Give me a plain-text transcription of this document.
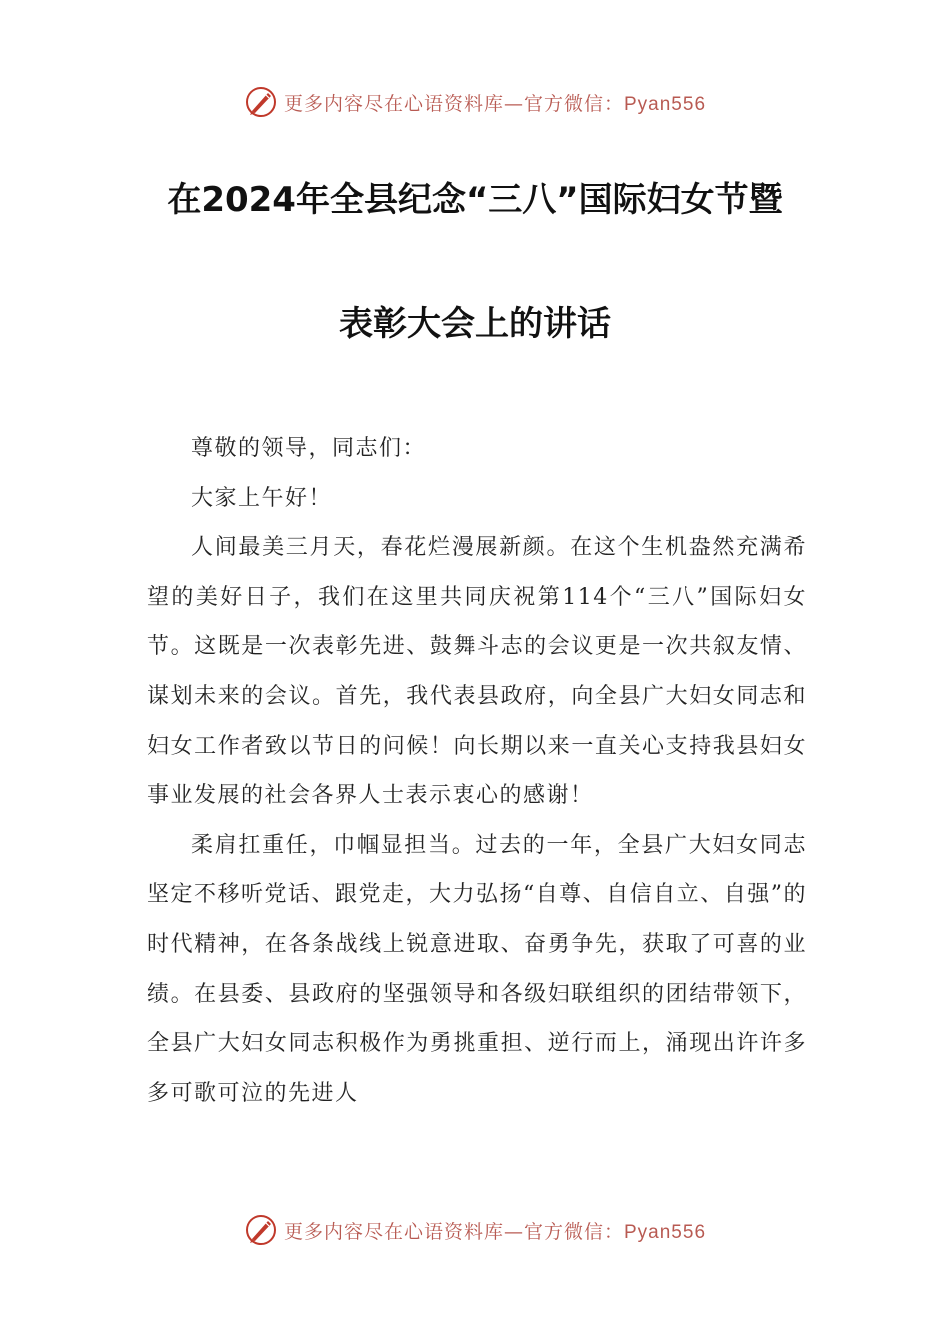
更多内容尽在心语资料库—官方微信：Pyan556
在2024年全县纪念“三八”国际妇女节暨
表彰大会上的讲话

尊敬的领导，同志们：

大家上午好！

人间最美三月天，春花烂漫展新颜。在这个生机盎然充满希望的美好日子，我们在这里共同庆祝第114个“三八”国际妇女节。这既是一次表彰先进、鼓舞斗志的会议更是一次共叙友情、谋划未来的会议。首先，我代表县政府，向全县广大妇女同志和妇女工作者致以节日的问候！向长期以来一直关心支持我县妇女事业发展的社会各界人士表示衷心的感谢！

柔肩扛重任，巾帼显担当。过去的一年，全县广大妇女同志坚定不移听党话、跟党走，大力弘扬“自尊、自信自立、自强”的时代精神，在各条战线上锐意进取、奋勇争先，获取了可喜的业绩。在县委、县政府的坚强领导和各级妇联组织的团结带领下，全县广大妇女同志积极作为勇挑重担、逆行而上，涌现出许许多多可歌可泣的先进人

更多内容尽在心语资料库—官方微信：Pyan556
